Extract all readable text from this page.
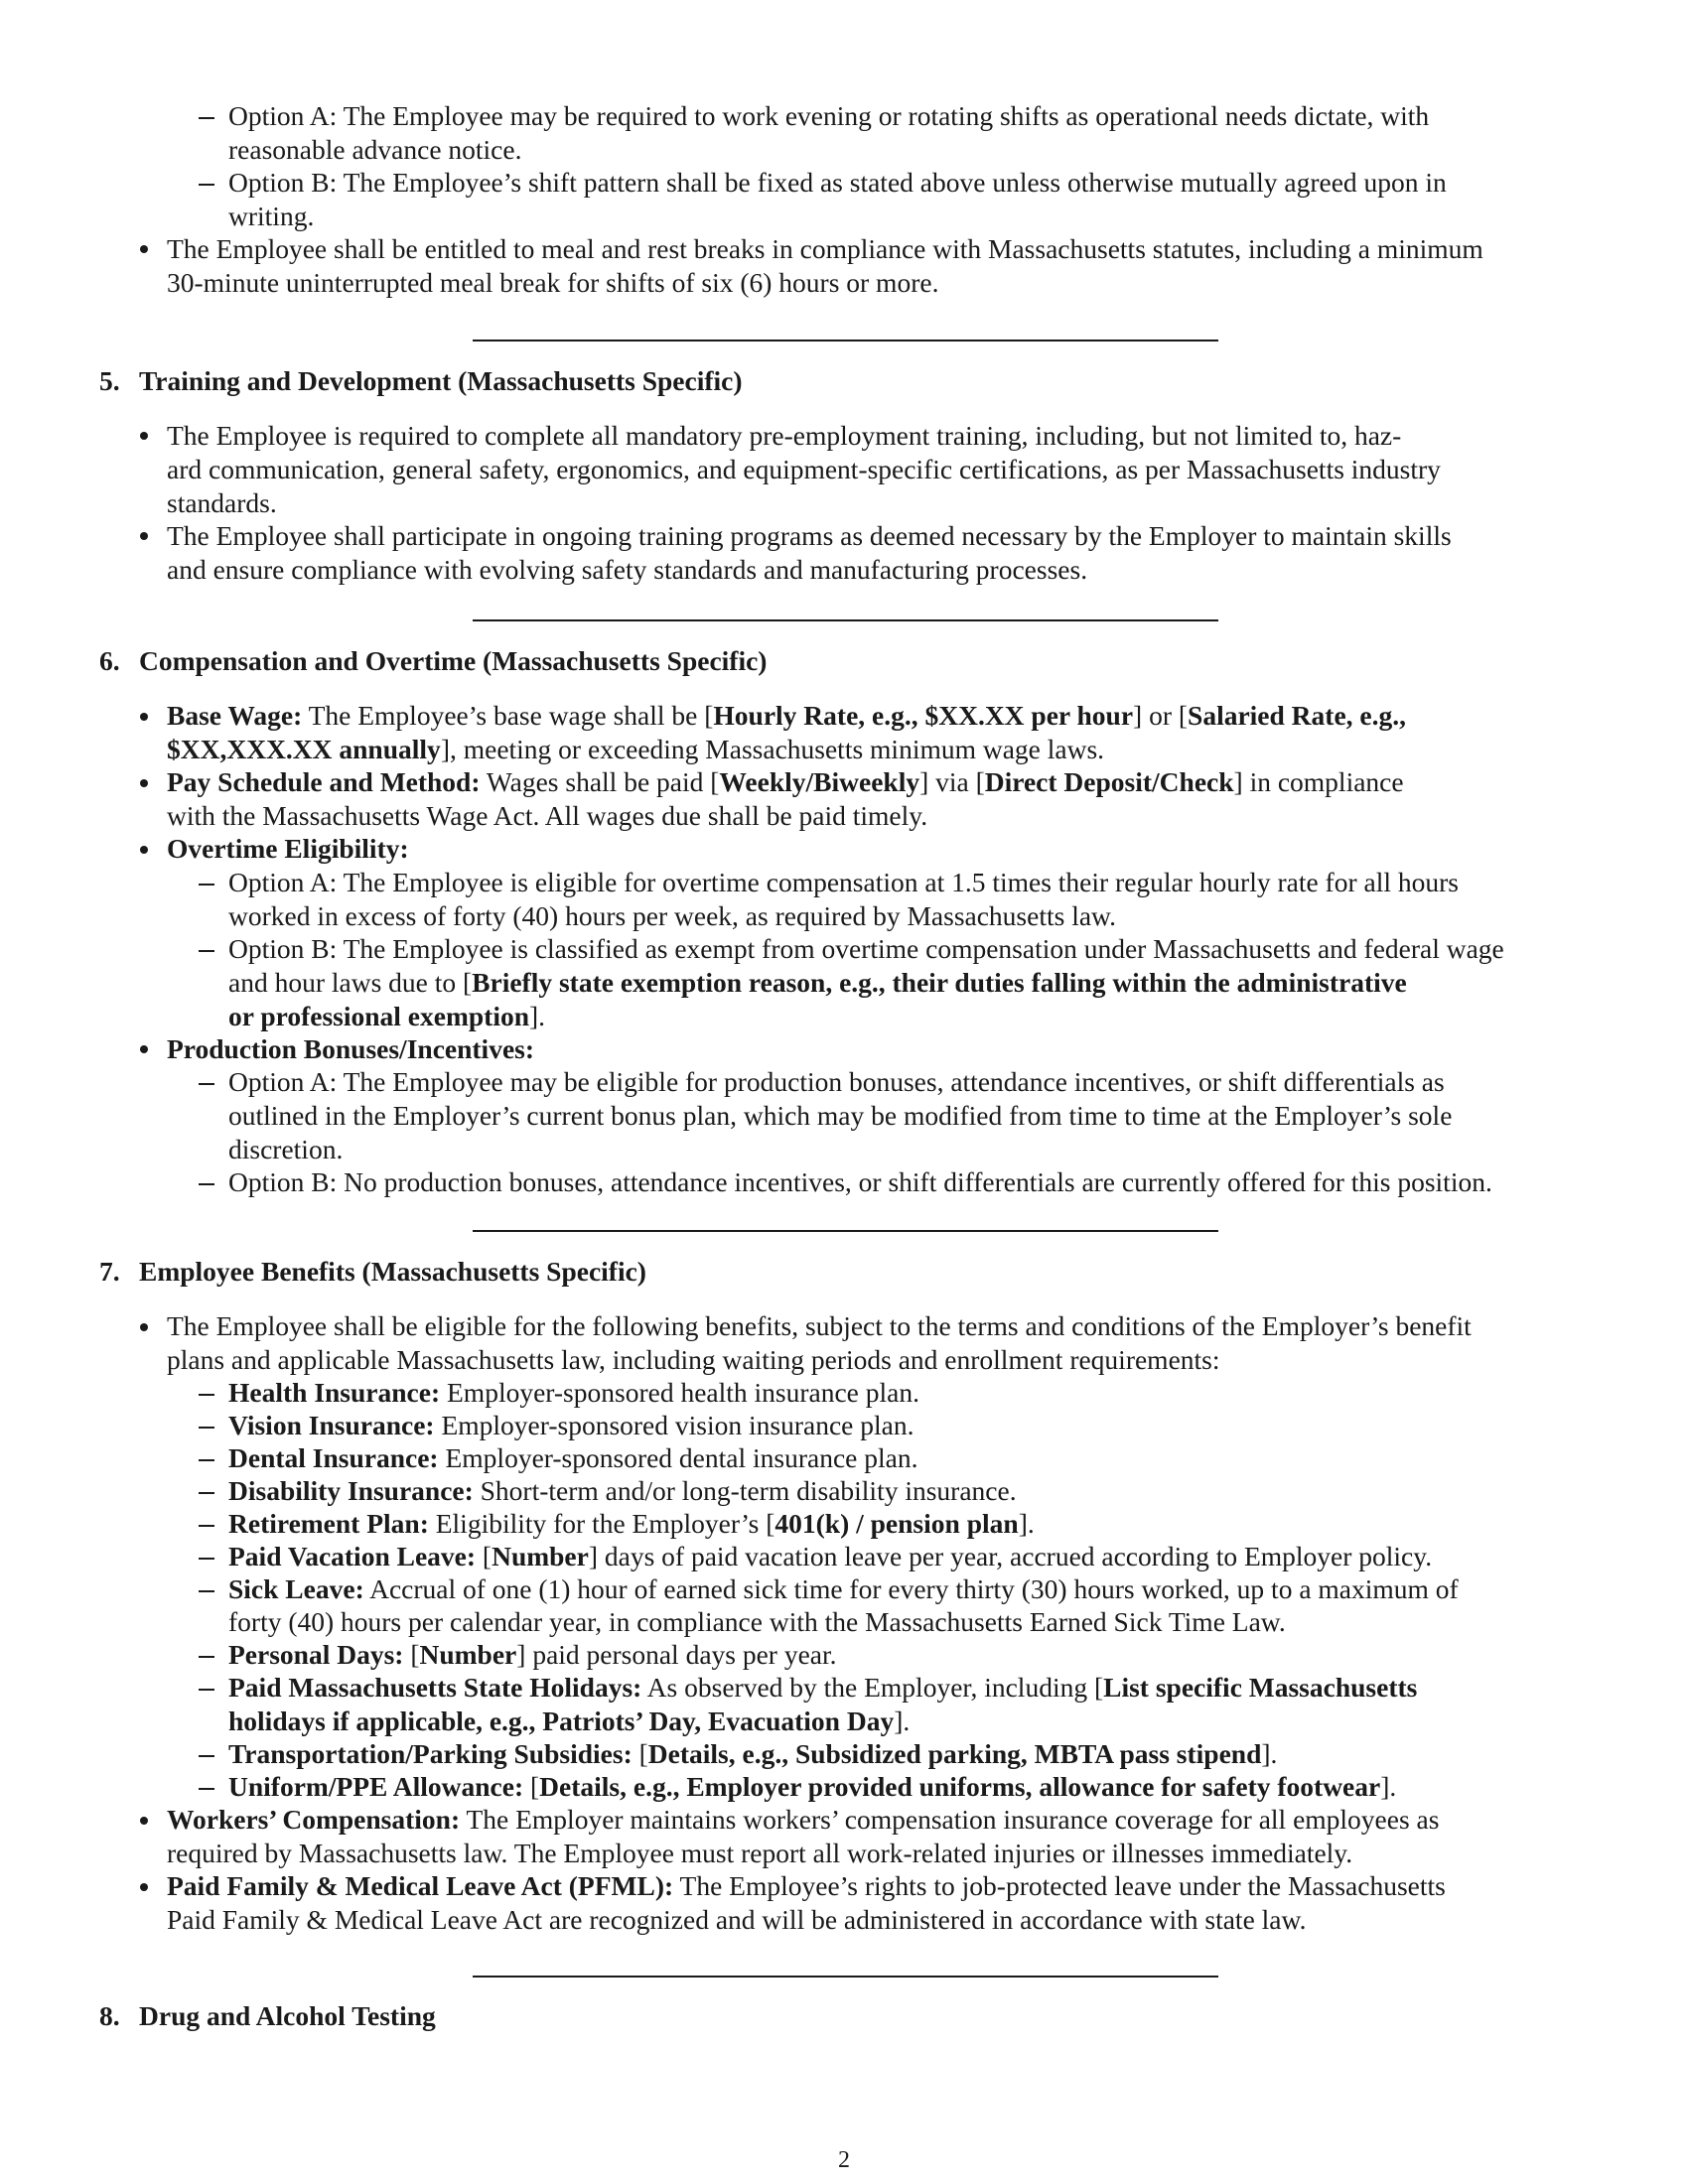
Option A: The Employee may be required to work evening or rotating shifts as operational needs dictate, with
reasonable advance notice.
Option B: The Employee’s shift pattern shall be fixed as stated above unless otherwise mutually agreed upon in
writing.
The Employee shall be entitled to meal and rest breaks in compliance with Massachusetts statutes, including a minimum
30-minute uninterrupted meal break for shifts of six (6) hours or more.
5. Training and Development (Massachusetts Specific)
The Employee is required to complete all mandatory pre-employment training, including, but not limited to, haz-
ard communication, general safety, ergonomics, and equipment-specific certifications, as per Massachusetts industry
standards.
The Employee shall participate in ongoing training programs as deemed necessary by the Employer to maintain skills
and ensure compliance with evolving safety standards and manufacturing processes.
6. Compensation and Overtime (Massachusetts Specific)
Base Wage: The Employee’s base wage shall be [Hourly Rate, e.g., $XX.XX per hour] or [Salaried Rate, e.g.,
$XX,XXX.XX annually], meeting or exceeding Massachusetts minimum wage laws.
Pay Schedule and Method: Wages shall be paid [Weekly/Biweekly] via [Direct Deposit/Check] in compliance
with the Massachusetts Wage Act. All wages due shall be paid timely.
Overtime Eligibility:
Option A: The Employee is eligible for overtime compensation at 1.5 times their regular hourly rate for all hours
worked in excess of forty (40) hours per week, as required by Massachusetts law.
Option B: The Employee is classified as exempt from overtime compensation under Massachusetts and federal wage
and hour laws due to [Briefly state exemption reason, e.g., their duties falling within the administrative
or professional exemption].
Production Bonuses/Incentives:
Option A: The Employee may be eligible for production bonuses, attendance incentives, or shift differentials as
outlined in the Employer’s current bonus plan, which may be modified from time to time at the Employer’s sole
discretion.
Option B: No production bonuses, attendance incentives, or shift differentials are currently offered for this position.
7. Employee Benefits (Massachusetts Specific)
The Employee shall be eligible for the following benefits, subject to the terms and conditions of the Employer’s benefit
plans and applicable Massachusetts law, including waiting periods and enrollment requirements:
Health Insurance: Employer-sponsored health insurance plan.
Vision Insurance: Employer-sponsored vision insurance plan.
Dental Insurance: Employer-sponsored dental insurance plan.
Disability Insurance: Short-term and/or long-term disability insurance.
Retirement Plan: Eligibility for the Employer’s [401(k) / pension plan].
Paid Vacation Leave: [Number] days of paid vacation leave per year, accrued according to Employer policy.
Sick Leave: Accrual of one (1) hour of earned sick time for every thirty (30) hours worked, up to a maximum of
forty (40) hours per calendar year, in compliance with the Massachusetts Earned Sick Time Law.
Personal Days: [Number] paid personal days per year.
Paid Massachusetts State Holidays: As observed by the Employer, including [List specific Massachusetts
holidays if applicable, e.g., Patriots’ Day, Evacuation Day].
Transportation/Parking Subsidies: [Details, e.g., Subsidized parking, MBTA pass stipend].
Uniform/PPE Allowance: [Details, e.g., Employer provided uniforms, allowance for safety footwear].
Workers’ Compensation: The Employer maintains workers’ compensation insurance coverage for all employees as
required by Massachusetts law. The Employee must report all work-related injuries or illnesses immediately.
Paid Family & Medical Leave Act (PFML): The Employee’s rights to job-protected leave under the Massachusetts
Paid Family & Medical Leave Act are recognized and will be administered in accordance with state law.
8. Drug and Alcohol Testing
2
